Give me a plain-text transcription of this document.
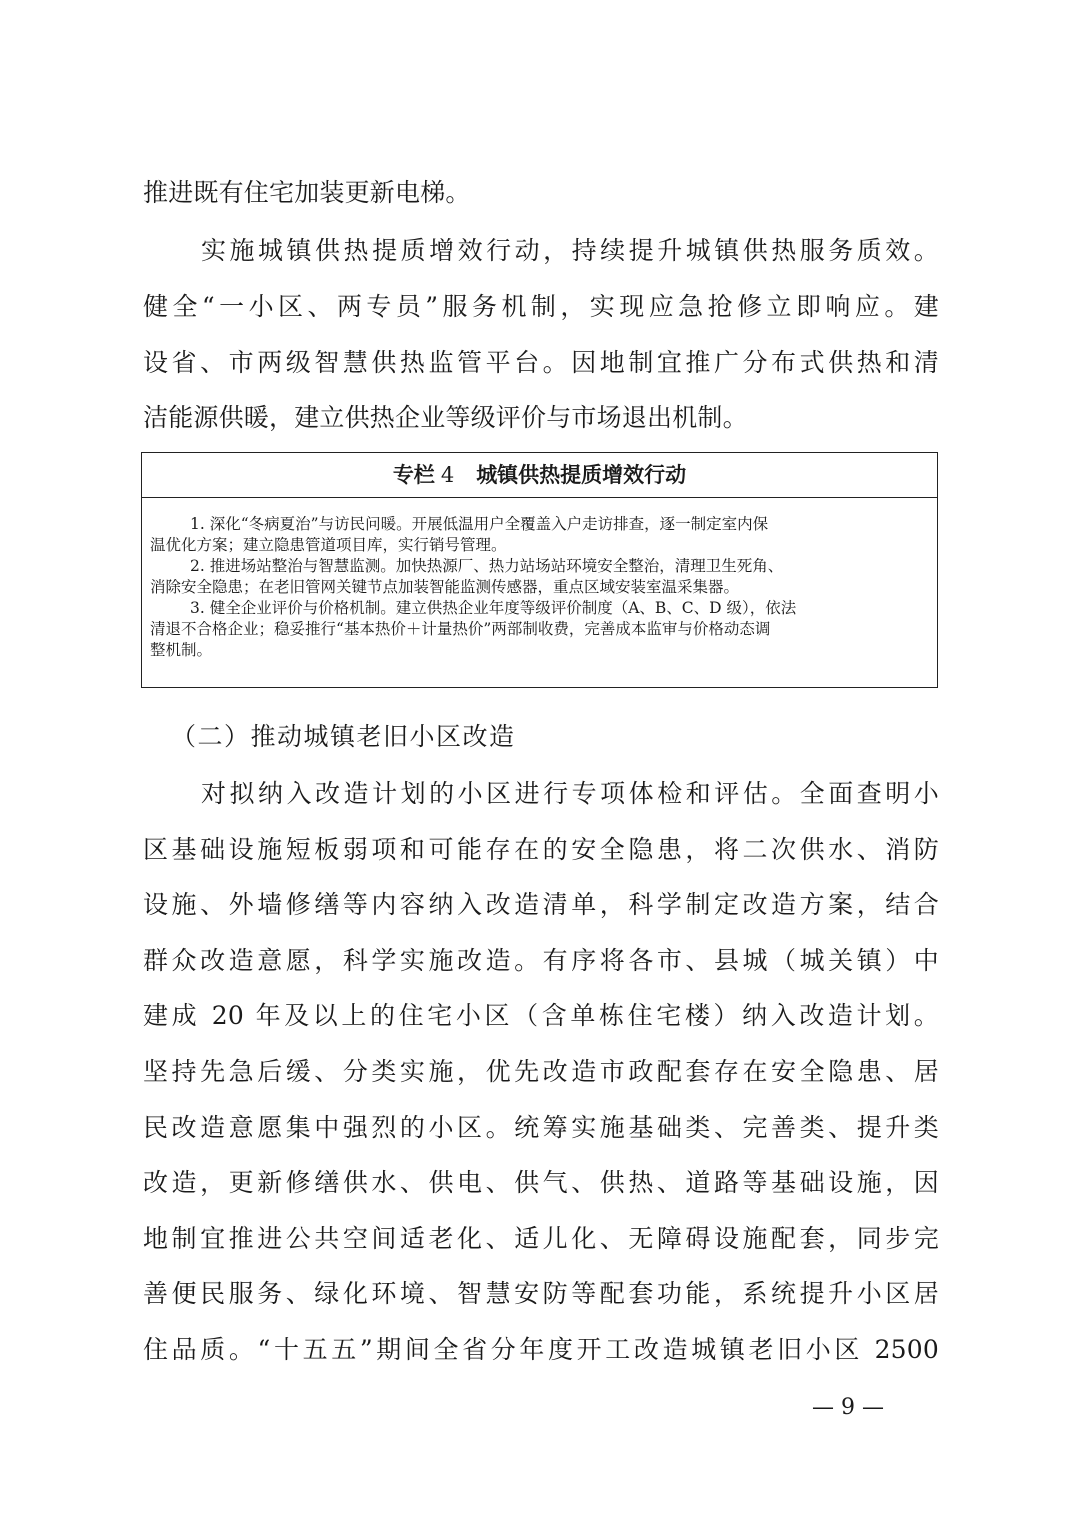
推进既有住宅加装更新电梯。
实施城镇供热提质增效行动，持续提升城镇供热服务质效。
健全“一小区、两专员”服务机制，实现应急抢修立即响应。建
设省、市两级智慧供热监管平台。因地制宜推广分布式供热和清
洁能源供暖，建立供热企业等级评价与市场退出机制。
专栏 4 城镇供热提质增效行动
1. 深化“冬病夏治”与访民问暖。开展低温用户全覆盖入户走访排查，逐一制定室内保
温优化方案；建立隐患管道项目库，实行销号管理。
2. 推进场站整治与智慧监测。加快热源厂、热力站场站环境安全整治，清理卫生死角、
消除安全隐患；在老旧管网关键节点加装智能监测传感器，重点区域安装室温采集器。
3. 健全企业评价与价格机制。建立供热企业年度等级评价制度（A、B、C、D 级），依法
清退不合格企业；稳妥推行“基本热价＋计量热价”两部制收费，完善成本监审与价格动态调
整机制。
（二）推动城镇老旧小区改造
对拟纳入改造计划的小区进行专项体检和评估。全面查明小
区基础设施短板弱项和可能存在的安全隐患，将二次供水、消防
设施、外墙修缮等内容纳入改造清单，科学制定改造方案，结合
群众改造意愿，科学实施改造。有序将各市、县城（城关镇）中
建成 20 年及以上的住宅小区（含单栋住宅楼）纳入改造计划。
坚持先急后缓、分类实施，优先改造市政配套存在安全隐患、居
民改造意愿集中强烈的小区。统筹实施基础类、完善类、提升类
改造，更新修缮供水、供电、供气、供热、道路等基础设施，因
地制宜推进公共空间适老化、适儿化、无障碍设施配套，同步完
善便民服务、绿化环境、智慧安防等配套功能，系统提升小区居
住品质。“十五五”期间全省分年度开工改造城镇老旧小区 2500
— 9 —
